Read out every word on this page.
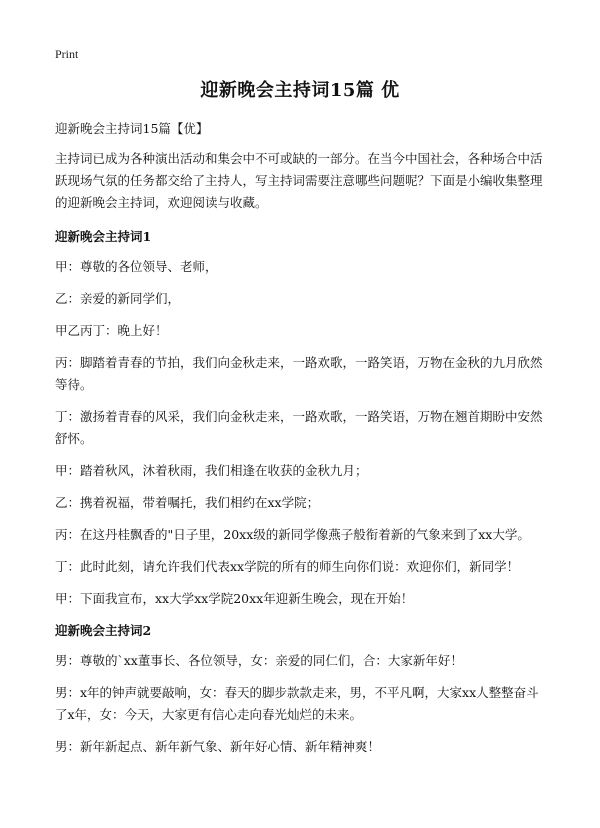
Print
迎新晚会主持词15篇 优

迎新晚会主持词15篇【优】

主持词已成为各种演出活动和集会中不可或缺的一部分。在当今中国社会，各种场合中活跃现场气氛的任务都交给了主持人，写主持词需要注意哪些问题呢？下面是小编收集整理的迎新晚会主持词，欢迎阅读与收藏。

迎新晚会主持词1

甲：尊敬的各位领导、老师，

乙：亲爱的新同学们，

甲乙丙丁：晚上好！

丙：脚踏着青春的节拍，我们向金秋走来，一路欢歌，一路笑语，万物在金秋的九月欣然等待。

丁：激扬着青春的风采，我们向金秋走来，一路欢歌，一路笑语，万物在翘首期盼中安然舒怀。

甲：踏着秋风，沐着秋雨，我们相逢在收获的金秋九月；

乙：携着祝福，带着嘱托，我们相约在xx学院；

丙：在这丹桂飘香的"日子里，20xx级的新同学像燕子般衔着新的气象来到了xx大学。

丁：此时此刻，请允许我们代表xx学院的所有的师生向你们说：欢迎你们，新同学！

甲：下面我宣布，xx大学xx学院20xx年迎新生晚会，现在开始！

迎新晚会主持词2

男：尊敬的`xx董事长、各位领导，女：亲爱的同仁们，合：大家新年好！

男：x年的钟声就要敲响，女：春天的脚步款款走来，男，不平凡啊，大家xx人整整奋斗了x年，女：今天，大家更有信心走向春光灿烂的未来。

男：新年新起点、新年新气象、新年好心情、新年精神爽！
